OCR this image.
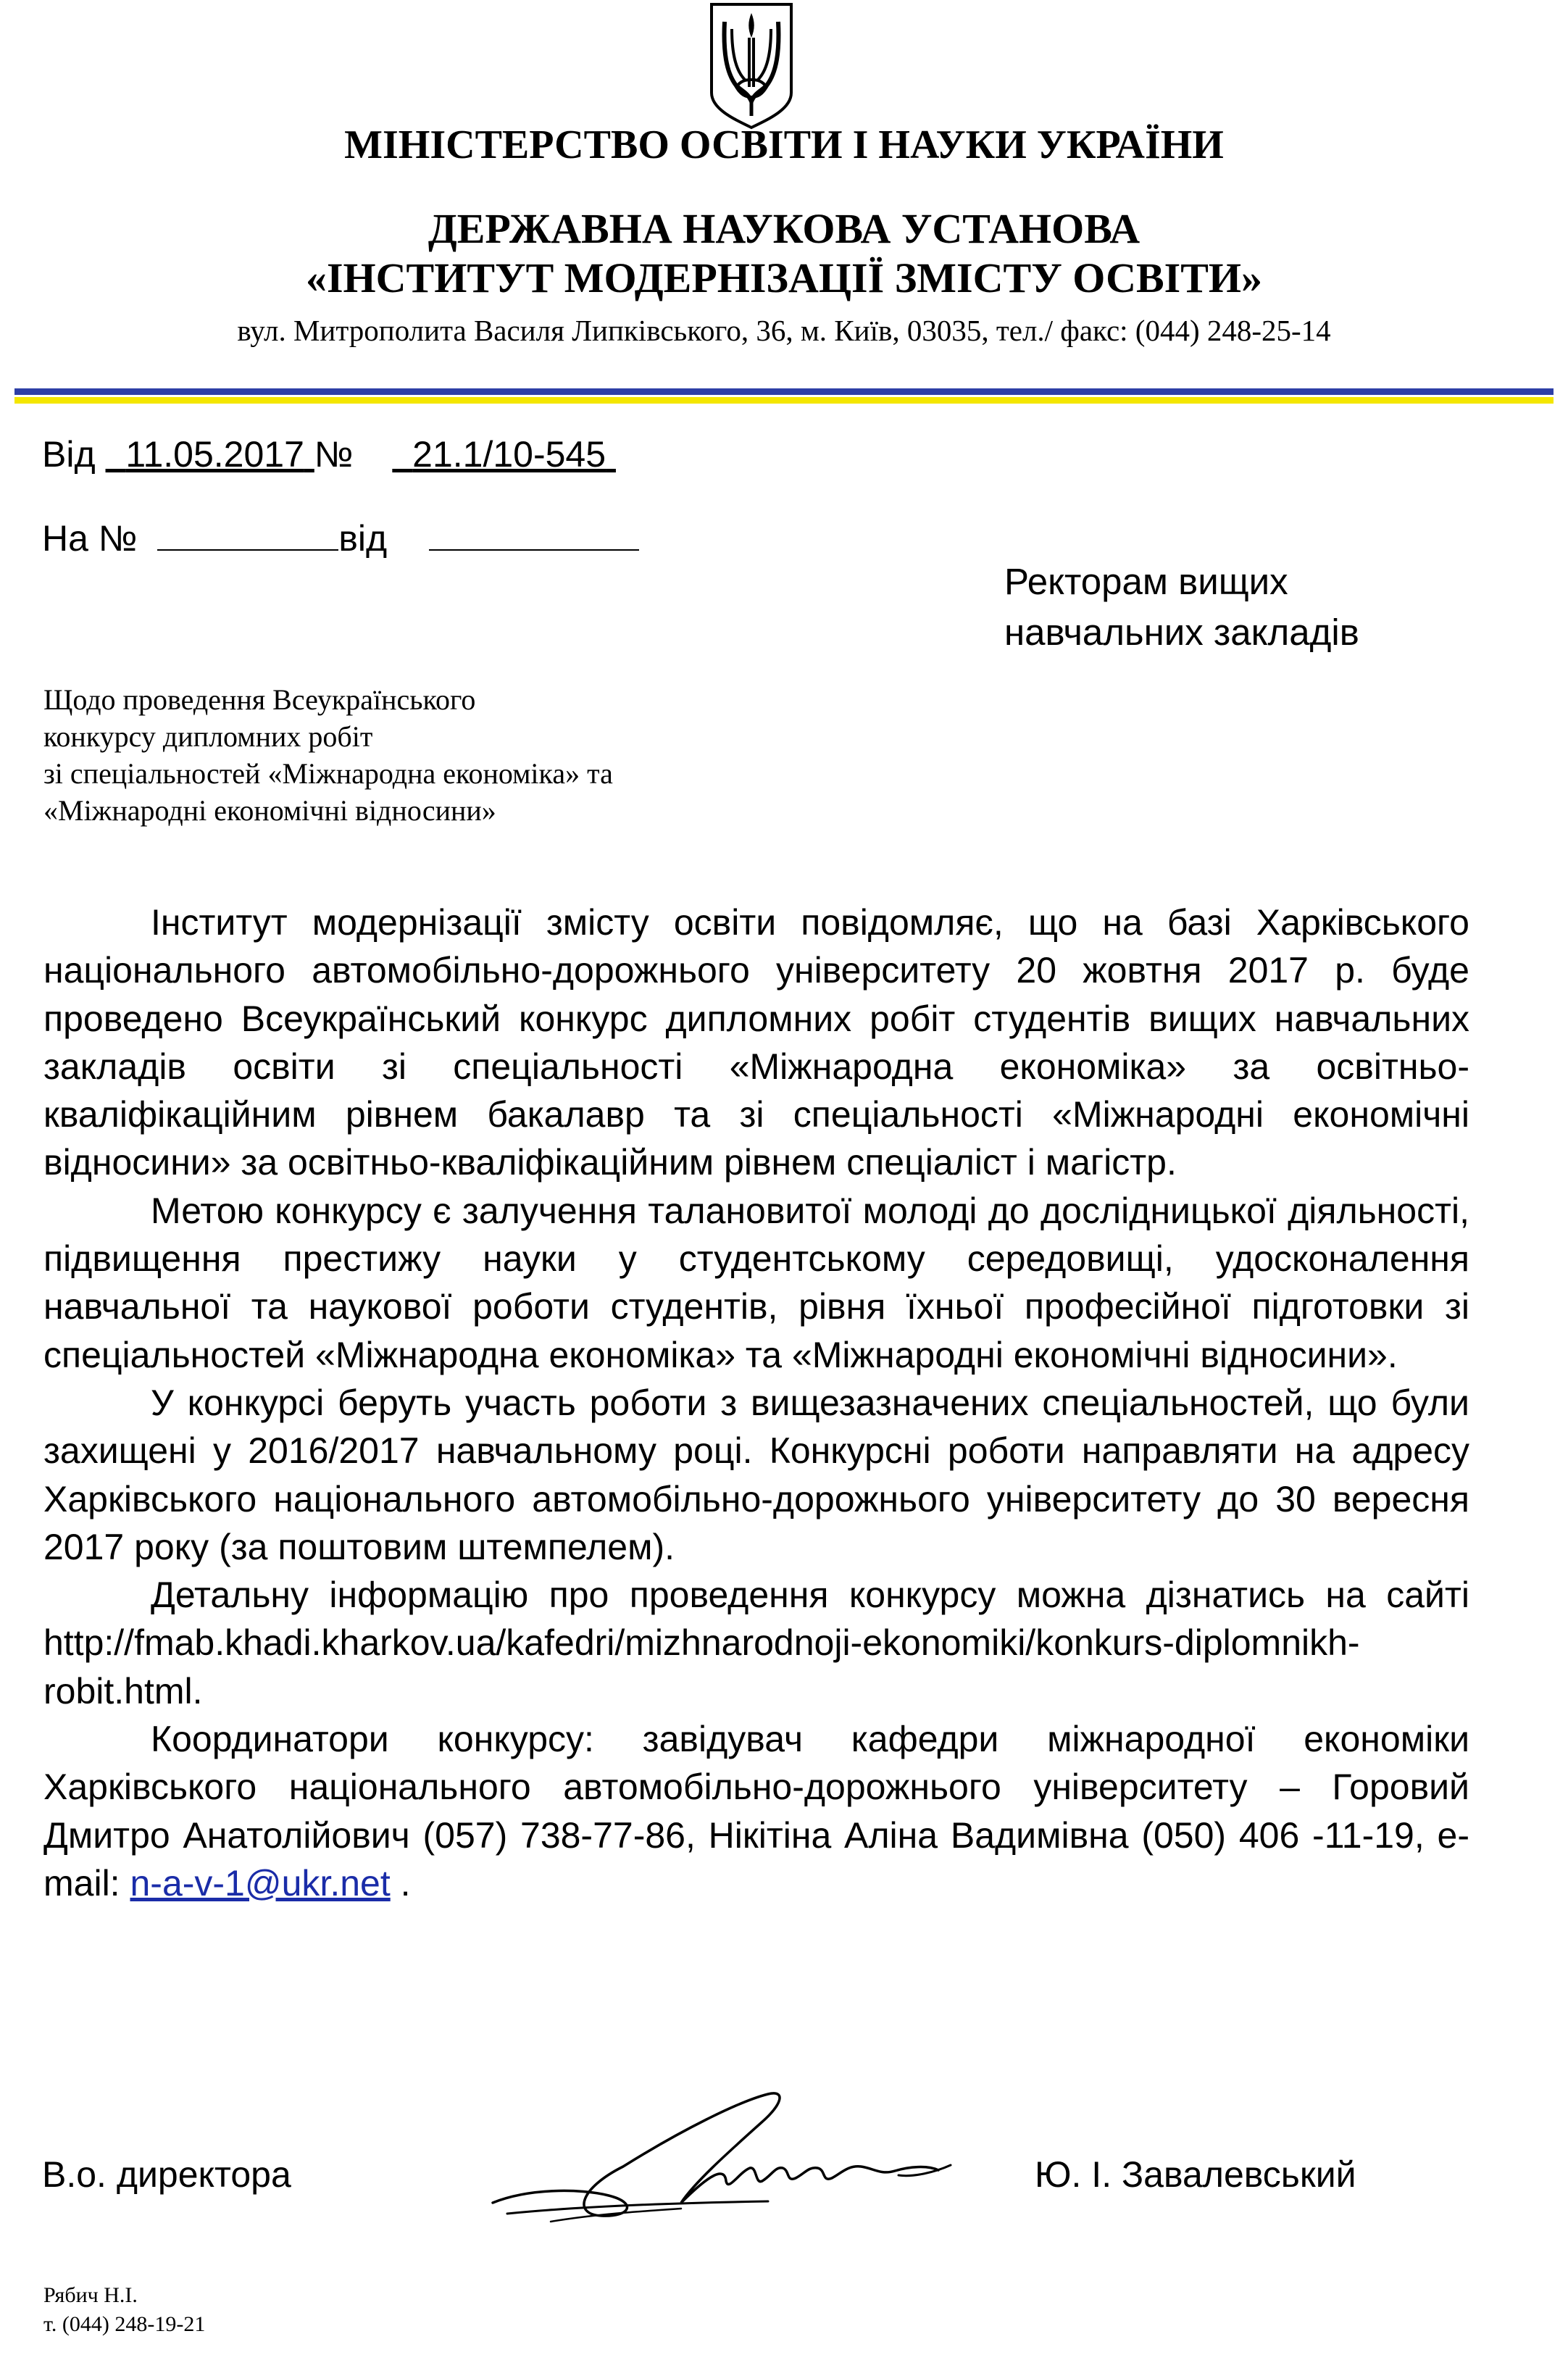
МІНІСТЕРСТВО ОСВІТИ І НАУКИ УКРАЇНИ
ДЕРЖАВНА НАУКОВА УСТАНОВА
«ІНСТИТУТ МОДЕРНІЗАЦІЇ ЗМІСТУ ОСВІТИ»
вул. Митрополита Василя Липківського, 36, м. Київ, 03035, тел./ факс: (044) 248-25-14
Від 11.05.2017 № 21.1/10-545
На №	від
Ректорам вищих
навчальних закладів
Щодо проведення Всеукраїнського
конкурсу дипломних робіт
зі спеціальностей «Міжнародна економіка» та
«Міжнародні економічні відносини»

Інститут модернізації змісту освіти повідомляє, що на базі Харківського національного автомобільно-дорожнього університету 20 жовтня 2017 р. буде проведено Всеукраїнський конкурс дипломних робіт студентів вищих навчальних закладів освіти зі спеціальності «Міжнародна економіка» за освітньо-кваліфікаційним рівнем бакалавр та зі спеціальності «Міжнародні економічні відносини» за освітньо-кваліфікаційним рівнем спеціаліст і магістр.

Метою конкурсу є залучення талановитої молоді до дослідницької діяльності, підвищення престижу науки у студентському середовищі, удосконалення навчальної та наукової роботи студентів, рівня їхньої професійної підготовки зі спеціальностей «Міжнародна економіка» та «Міжнародні економічні відносини».

У конкурсі беруть участь роботи з вищезазначених спеціальностей, що були захищені у 2016/2017 навчальному році. Конкурсні роботи направляти на адресу Харківського національного автомобільно-дорожнього університету до 30 вересня 2017 року (за поштовим штемпелем).

Детальну інформацію про проведення конкурсу можна дізнатись на сайті http://fmab.khadi.kharkov.ua/kafedri/mizhnarodnoji-ekonomiki/konkurs-diplomnikh-robit.html.

Координатори конкурсу: завідувач кафедри міжнародної економіки Харківського національного автомобільно-дорожнього університету – Горовий Дмитро Анатолійович (057) 738-77-86, Нікітіна Аліна Вадимівна (050) 406 -11-19, e-mail: n-a-v-1@ukr.net .

В.о. директора	Ю. І. Завалевський
Рябич Н.І.
т. (044) 248-19-21
